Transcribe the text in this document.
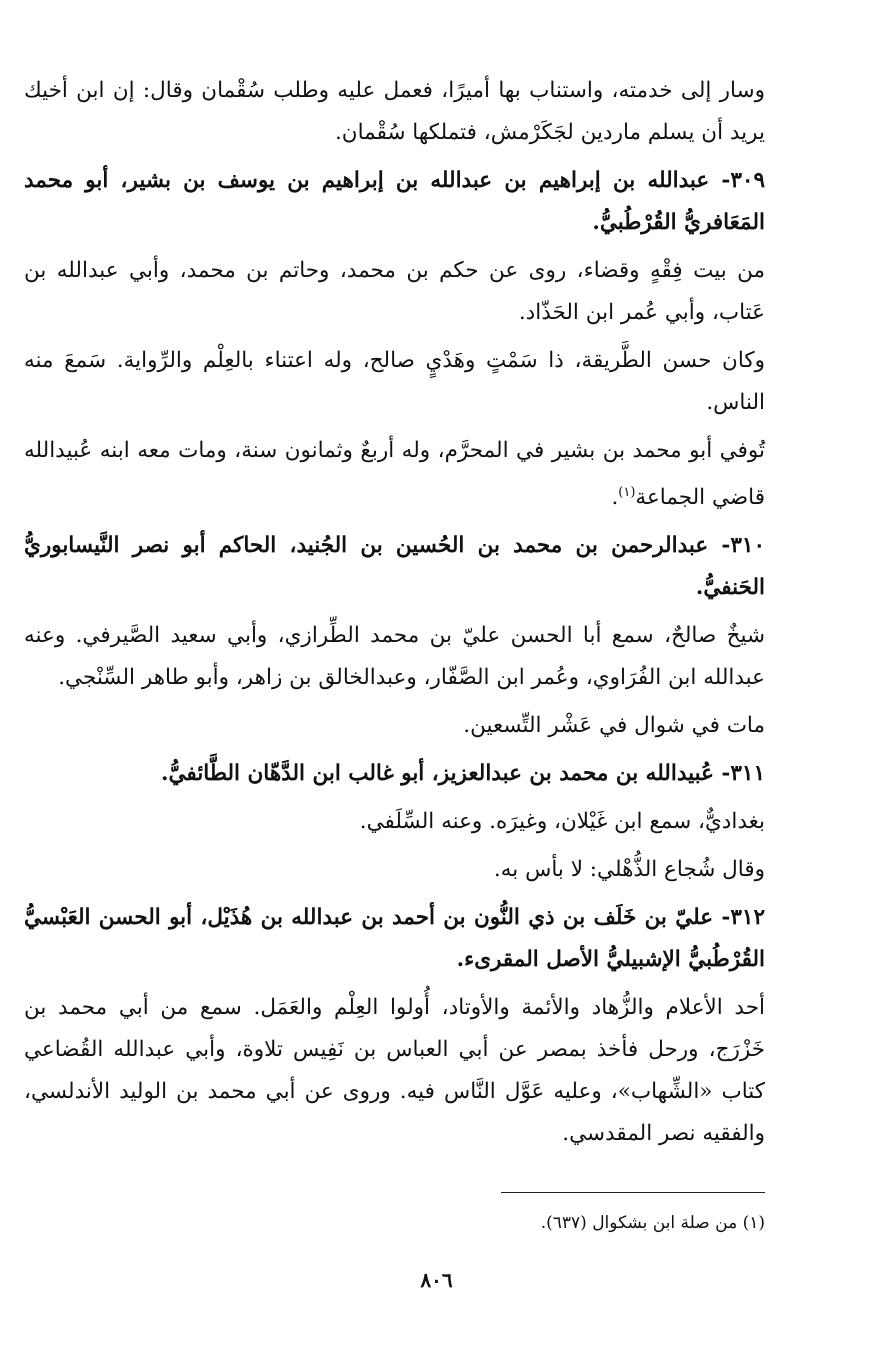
وسار إلى خدمته، واستناب بها أميرًا، فعمل عليه وطلب سُقْمان وقال: إن ابن أخيك يريد أن يسلم ماردين لجَكَرْمش، فتملكها سُقْمان.

٣٠٩- عبدالله بن إبراهيم بن عبدالله بن إبراهيم بن يوسف بن بشير، أبو محمد المَعَافريُّ القُرْطُبيُّ.

من بيت فِقْهٍ وقضاء، روى عن حكم بن محمد، وحاتم بن محمد، وأبي عبدالله بن عَتاب، وأبي عُمر ابن الحَذّاد.

وكان حسن الطَّريقة، ذا سَمْتٍ وهَدْيٍ صالح، وله اعتناء بالعِلْم والرِّواية. سَمعَ منه الناس.

تُوفي أبو محمد بن بشير في المحرَّم، وله أربعٌ وثمانون سنة، ومات معه ابنه عُبيدالله قاضي الجماعة$^{(١)}$.

٣١٠- عبدالرحمن بن محمد بن الحُسين بن الجُنيد، الحاكم أبو نصر النَّيسابوريُّ الحَنفيُّ.

شيخٌ صالحٌ، سمع أبا الحسن عليّ بن محمد الطِّرازي، وأبي سعيد الصَّيرفي. وعنه عبدالله ابن الفُرَاوي، وعُمر ابن الصَّفّار، وعبدالخالق بن زاهر، وأبو طاهر السِّنْجي.

مات في شوال في عَشْر التِّسعين.

٣١١- عُبيدالله بن محمد بن عبدالعزيز، أبو غالب ابن الدَّهّان الطَّائفيُّ.

بغداديٌّ، سمع ابن غَيْلان، وغيرَه. وعنه السِّلَفي.

وقال شُجاع الذُّهْلي: لا بأس به.

٣١٢- عليّ بن خَلَف بن ذي النُّون بن أحمد بن عبدالله بن هُذَيْل، أبو الحسن العَبْسيُّ القُرْطُبيُّ الإشبيليُّ الأصل المقرىء.

أحد الأعلام والزُّهاد والأئمة والأوتاد، أُولوا العِلْم والعَمَل. سمع من أبي محمد بن خَزْرَج، ورحل فأخذ بمصر عن أبي العباس بن نَفِيس تلاوة، وأبي عبدالله القُضاعي كتاب «الشِّهاب»، وعليه عَوَّل النَّاس فيه. وروى عن أبي محمد بن الوليد الأندلسي، والفقيه نصر المقدسي.

(١) من صلة ابن بشكوال (٦٣٧).
٨٠٦
